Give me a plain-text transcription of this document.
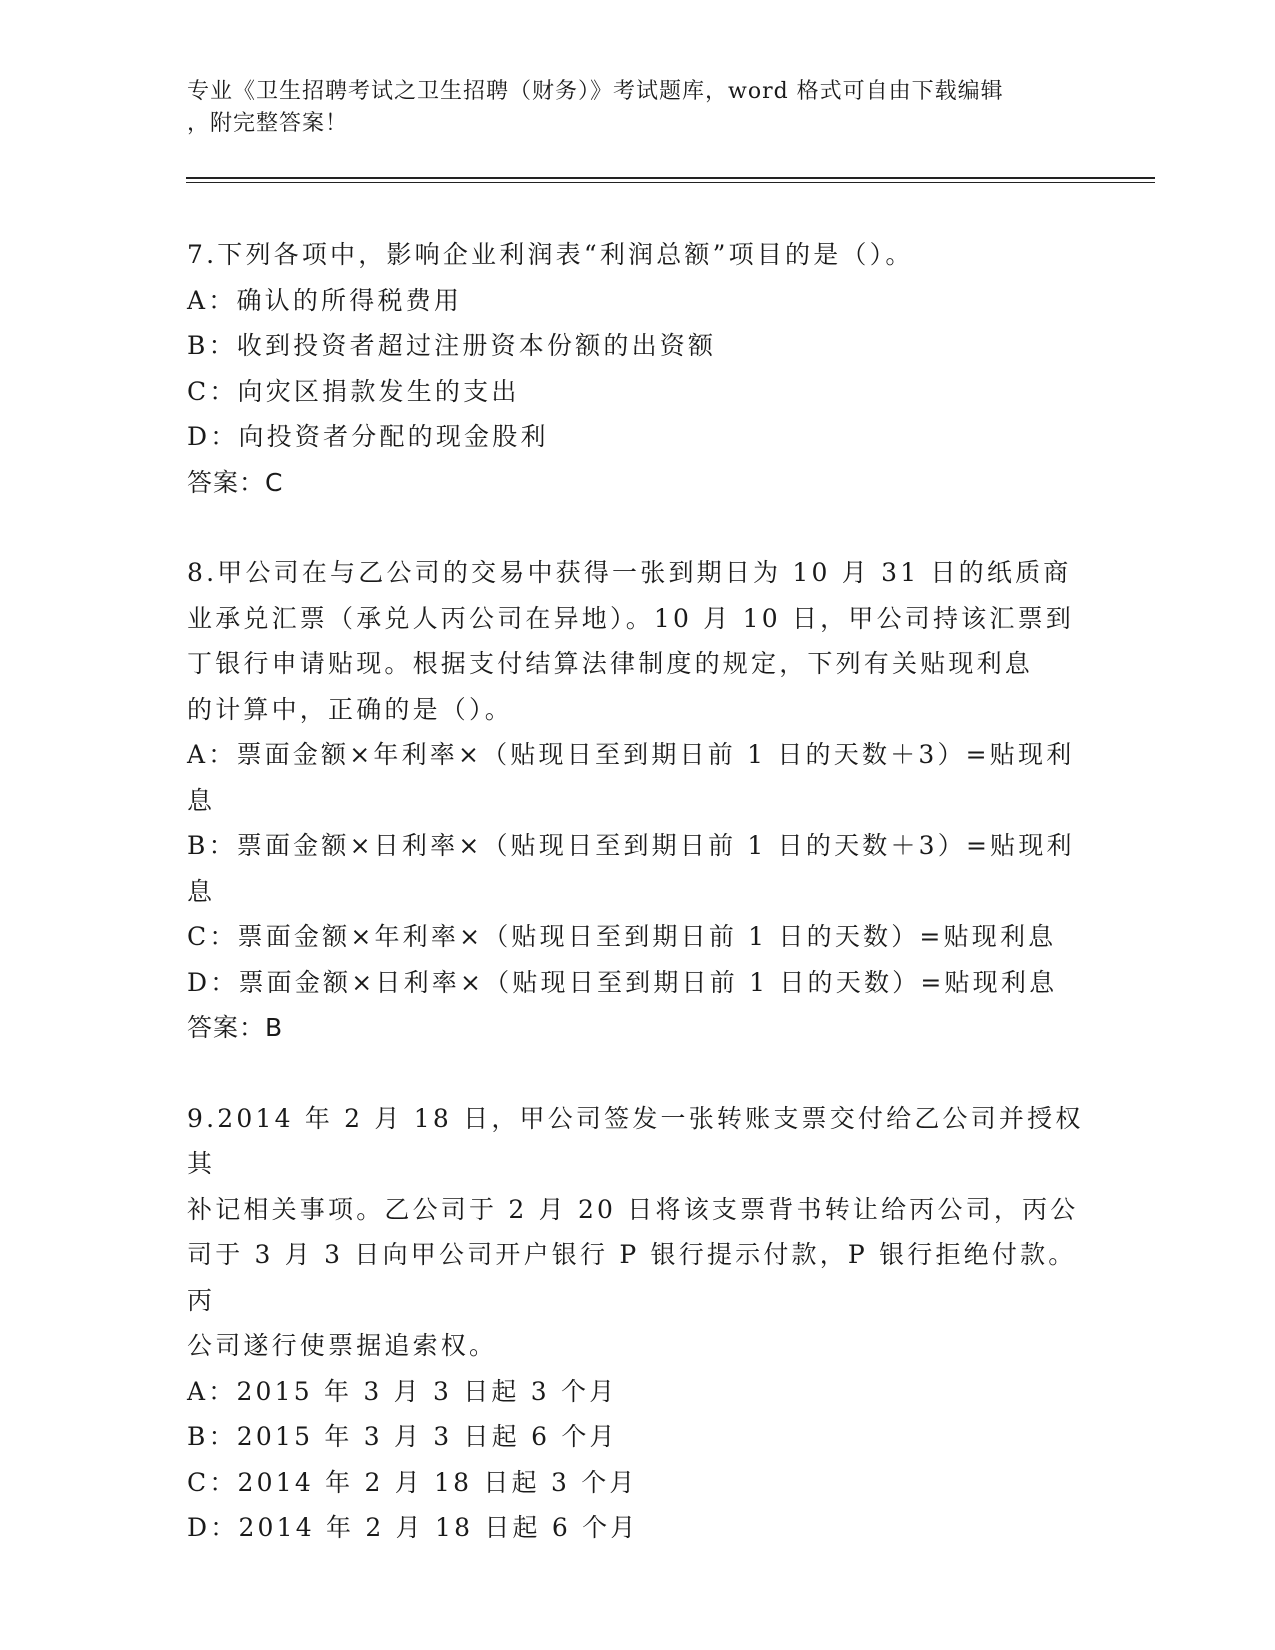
专业《卫生招聘考试之卫生招聘（财务）》考试题库，word 格式可自由下载编辑
，附完整答案！

7.下列各项中，影响企业利润表“利润总额”项目的是（）。

A：确认的所得税费用

B：收到投资者超过注册资本份额的出资额

C：向灾区捐款发生的支出

D：向投资者分配的现金股利

答案：C

8.甲公司在与乙公司的交易中获得一张到期日为 10 月 31 日的纸质商

业承兑汇票（承兑人丙公司在异地）。10 月 10 日，甲公司持该汇票到

丁银行申请贴现。根据支付结算法律制度的规定，下列有关贴现利息

的计算中，正确的是（）。

A：票面金额×年利率×（贴现日至到期日前 1 日的天数＋3）=贴现利

息

B：票面金额×日利率×（贴现日至到期日前 1 日的天数＋3）=贴现利

息

C：票面金额×年利率×（贴现日至到期日前 1 日的天数）=贴现利息

D：票面金额×日利率×（贴现日至到期日前 1 日的天数）=贴现利息

答案：B

9.2014 年 2 月 18 日，甲公司签发一张转账支票交付给乙公司并授权其

补记相关事项。乙公司于 2 月 20 日将该支票背书转让给丙公司，丙公

司于 3 月 3 日向甲公司开户银行 P 银行提示付款，P 银行拒绝付款。丙

公司遂行使票据追索权。

A：2015 年 3 月 3 日起 3 个月

B：2015 年 3 月 3 日起 6 个月

C：2014 年 2 月 18 日起 3 个月

D：2014 年 2 月 18 日起 6 个月
